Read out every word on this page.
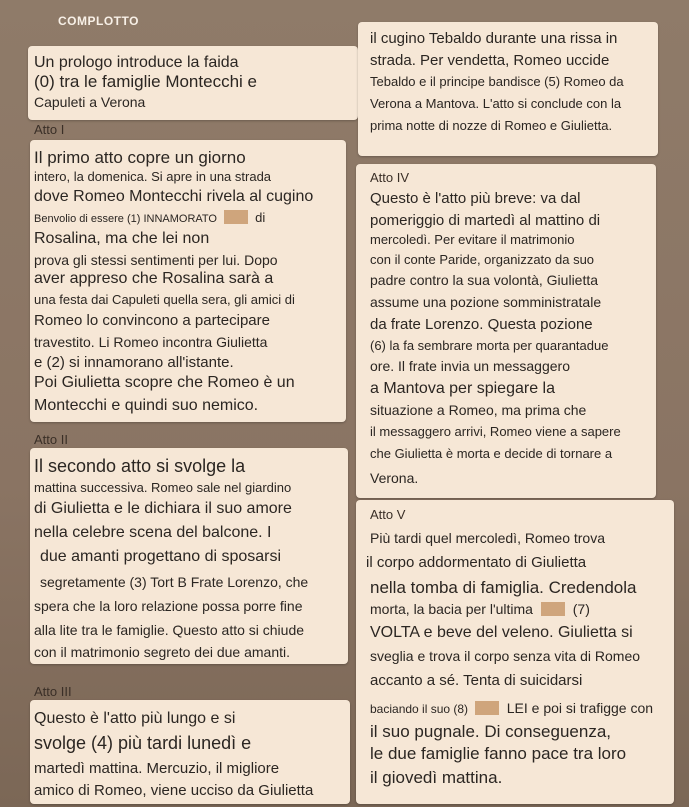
COMPLOTTO
Un prologo introduce la faida
(0) tra le famiglie Montecchi e
Capuleti a Verona
Atto I
Il primo atto copre un giorno
intero, la domenica. Si apre in una strada
dove Romeo Montecchi rivela al cugino
Benvolio di essere (1) INNAMORATO	di
Rosalina, ma che lei non
prova gli stessi sentimenti per lui. Dopo
aver appreso che Rosalina sarà a
una festa dai Capuleti quella sera, gli amici di
Romeo lo convincono a partecipare
travestito. Li Romeo incontra Giulietta
e (2) si innamorano all'istante.
Poi Giulietta scopre che Romeo è un
Montecchi e quindi suo nemico.
Atto II
Il secondo atto si svolge la
mattina successiva. Romeo sale nel giardino
di Giulietta e le dichiara il suo amore
nella celebre scena del balcone. I
due amanti progettano di sposarsi
segretamente (3) Tort B Frate Lorenzo, che
spera che la loro relazione possa porre fine
alla lite tra le famiglie. Questo atto si chiude
con il matrimonio segreto dei due amanti.
Atto III
Questo è l'atto più lungo e si
svolge (4) più tardi lunedì e
martedì mattina. Mercuzio, il migliore
amico di Romeo, viene ucciso da Giulietta
il cugino Tebaldo durante una rissa in
strada. Per vendetta, Romeo uccide
Tebaldo e il principe bandisce (5) Romeo da
Verona a Mantova. L'atto si conclude con la
prima notte di nozze di Romeo e Giulietta.
Atto IV
Questo è l'atto più breve: va dal
pomeriggio di martedì al mattino di
mercoledì. Per evitare il matrimonio
con il conte Paride, organizzato da suo
padre contro la sua volontà, Giulietta
assume una pozione somministratale
da frate Lorenzo. Questa pozione
(6) la fa sembrare morta per quarantadue
ore. Il frate invia un messaggero
a Mantova per spiegare la
situazione a Romeo, ma prima che
il messaggero arrivi, Romeo viene a sapere
che Giulietta è morta e decide di tornare a
Verona.
Atto V
Più tardi quel mercoledì, Romeo trova
il corpo addormentato di Giulietta
nella tomba di famiglia. Credendola
morta, la bacia per l'ultima	(7)
VOLTA e beve del veleno. Giulietta si
sveglia e trova il corpo senza vita di Romeo
accanto a sé. Tenta di suicidarsi
baciando il suo (8)	LEI e poi si trafigge con
il suo pugnale. Di conseguenza,
le due famiglie fanno pace tra loro
il giovedì mattina.
